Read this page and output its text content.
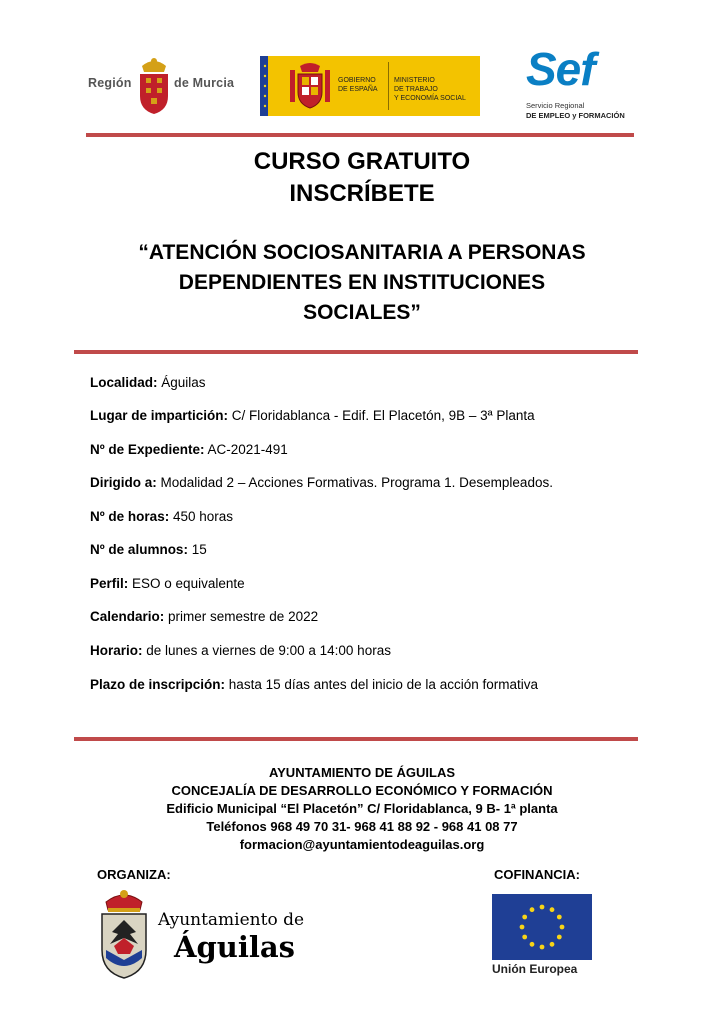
Región	de Murcia	GOBIERNO
DE ESPAÑA
MINISTERIO
DE TRABAJO
Y ECONOMÍA SOCIAL
Sef
Servicio Regional
DE EMPLEO y FORMACIÓN
CURSO GRATUITO
INSCRÍBETE
“ATENCIÓN SOCIOSANITARIA A PERSONAS
DEPENDIENTES EN INSTITUCIONES
SOCIALES”
Localidad: Águilas
Lugar de impartición: C/ Floridablanca - Edif. El Placetón, 9B – 3ª Planta
Nº de Expediente: AC-2021-491
Dirigido a: Modalidad 2 – Acciones Formativas. Programa 1. Desempleados.
Nº de horas: 450 horas
Nº de alumnos: 15
Perfil: ESO o equivalente
Calendario: primer semestre de 2022
Horario: de lunes a viernes de 9:00 a 14:00 horas
Plazo de inscripción: hasta 15 días antes del inicio de la acción formativa
AYUNTAMIENTO DE ÁGUILAS
CONCEJALÍA DE DESARROLLO ECONÓMICO Y FORMACIÓN
Edificio Municipal “El Placetón” C/ Floridablanca, 9 B- 1ª planta
Teléfonos 968 49 70 31- 968 41 88 92 - 968 41 08 77
formacion@ayuntamientodeaguilas.org
ORGANIZA:	COFINANCIA:
Ayuntamiento de
Águilas
Unión Europea
